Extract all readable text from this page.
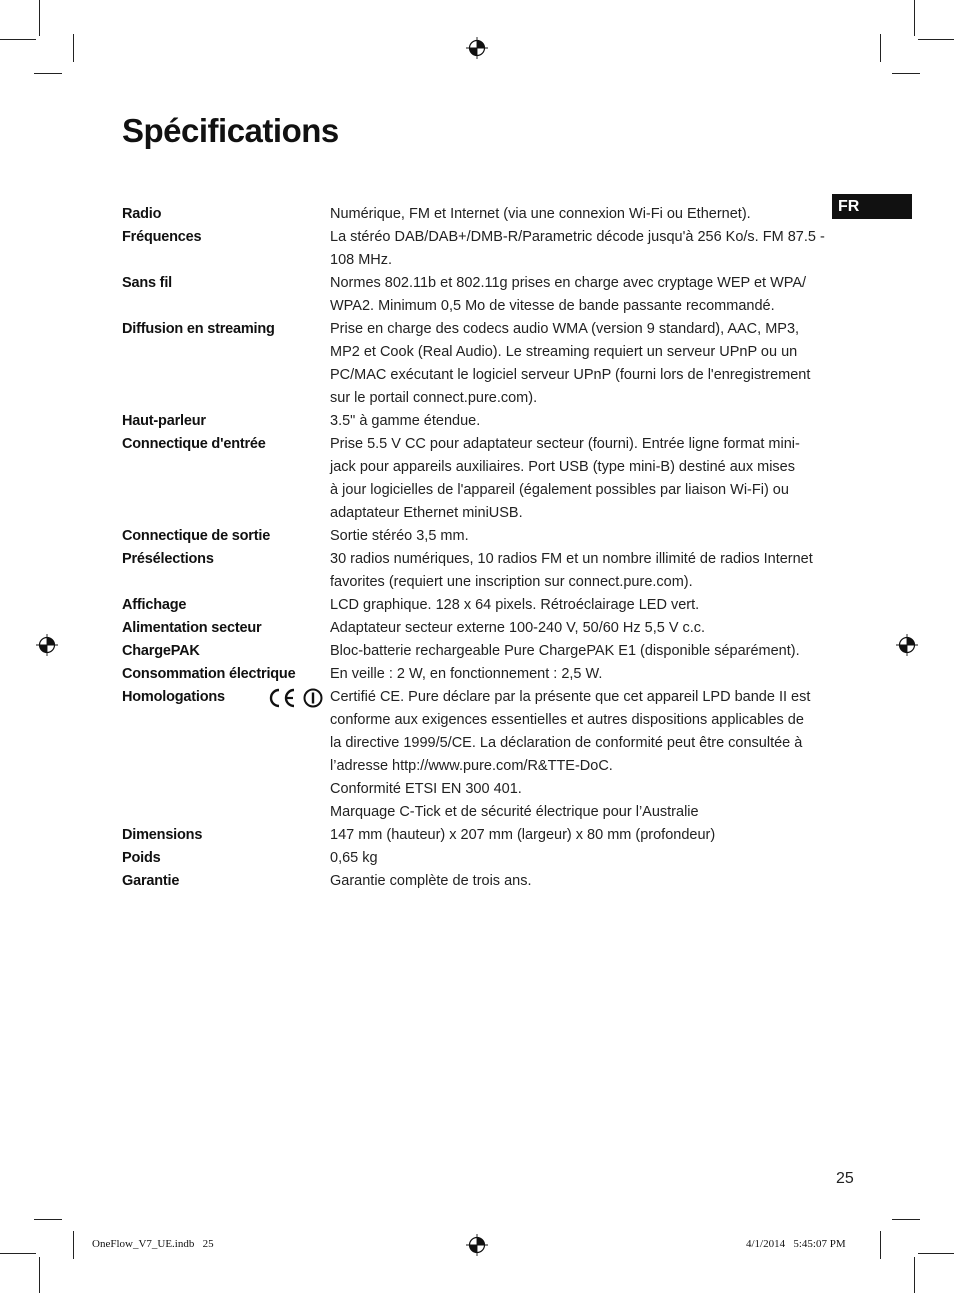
Spécifications
FR
Radio	Numérique, FM et Internet (via une connexion Wi-Fi ou Ethernet).
Fréquences	La stéréo DAB/DAB+/DMB-R/Parametric décode jusqu'à 256 Ko/s. FM 87.5 -
108 MHz.
Sans fil	Normes 802.11b et 802.11g prises en charge avec cryptage WEP et WPA/
WPA2. Minimum 0,5 Mo de vitesse de bande passante recommandé.
Diffusion en streaming	Prise en charge des codecs audio WMA (version 9 standard), AAC, MP3,
MP2 et Cook (Real Audio). Le streaming requiert un serveur UPnP ou un
PC/MAC exécutant le logiciel serveur UPnP (fourni lors de l'enregistrement
sur le portail connect.pure.com).
Haut-parleur	3.5" à gamme étendue.
Connectique d'entrée	Prise 5.5 V CC pour adaptateur secteur (fourni). Entrée ligne format mini-
jack pour appareils auxiliaires. Port USB (type mini-B) destiné aux mises
à jour logicielles de l'appareil (également possibles par liaison Wi-Fi) ou
adaptateur Ethernet miniUSB.
Connectique de sortie	Sortie stéréo 3,5 mm.
Présélections	30 radios numériques, 10 radios FM et un nombre illimité de radios Internet
favorites (requiert une inscription sur connect.pure.com).
Affichage	LCD graphique. 128 x 64 pixels. Rétroéclairage LED vert.
Alimentation secteur	Adaptateur secteur externe 100-240 V, 50/60 Hz 5,5 V c.c.
ChargePAK	Bloc-batterie rechargeable Pure ChargePAK E1 (disponible séparément).
Consommation électrique	En veille : 2 W, en fonctionnement : 2,5 W.
Homologations	Certifié CE. Pure déclare par la présente que cet appareil LPD bande II est
conforme aux exigences essentielles et autres dispositions applicables de
la directive 1999/5/CE. La déclaration de conformité peut être consultée à
l’adresse http://www.pure.com/R&TTE-DoC.
Conformité ETSI EN 300 401.
Marquage C-Tick et de sécurité électrique pour l’Australie
Dimensions	147 mm (hauteur) x 207 mm (largeur) x 80 mm (profondeur)
Poids	0,65 kg
Garantie	Garantie complète de trois ans.
25
OneFlow_V7_UE.indb   25	4/1/2014   5:45:07 PM
